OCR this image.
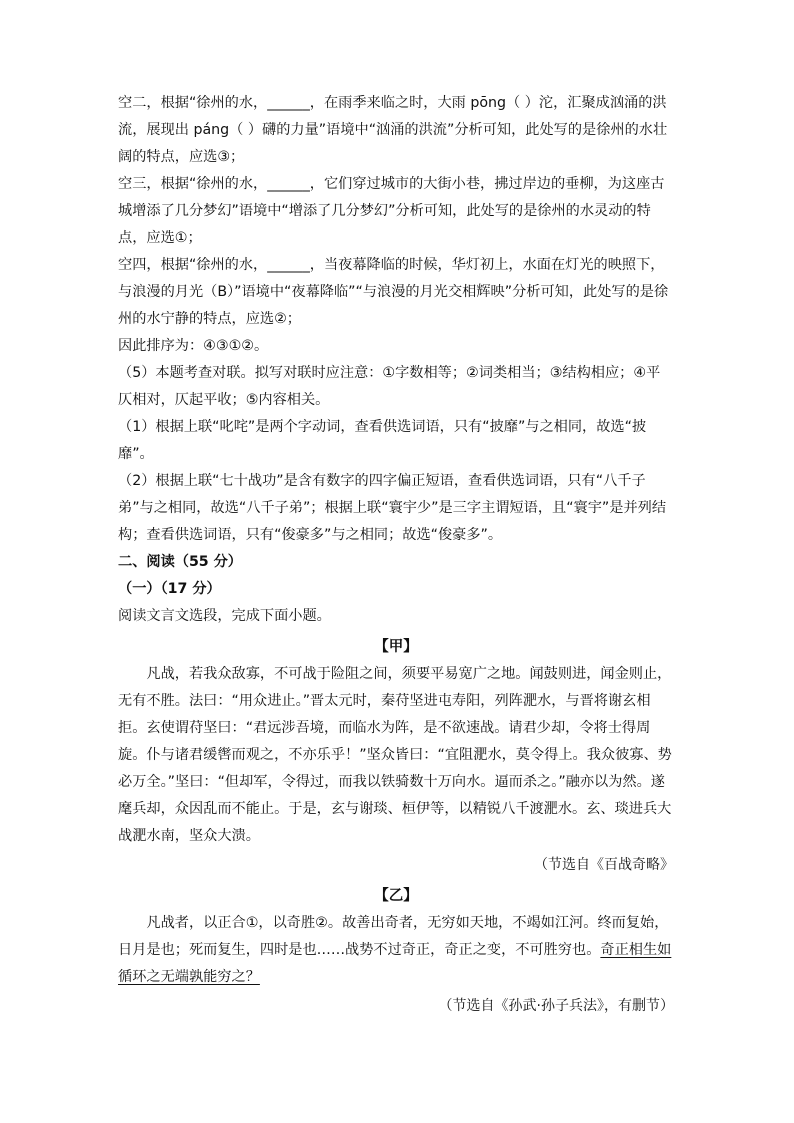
空二，根据“徐州的水，______，在雨季来临之时，大雨 pōng（ ）沱，汇聚成汹涌的洪流，展现出 páng（ ）礴的力量”语境中“汹涌的洪流”分析可知，此处写的是徐州的水壮阔的特点，应选③；

空三，根据“徐州的水，______，它们穿过城市的大街小巷，拂过岸边的垂柳，为这座古城增添了几分梦幻”语境中“增添了几分梦幻”分析可知，此处写的是徐州的水灵动的特点，应选①；

空四，根据“徐州的水，______，当夜幕降临的时候，华灯初上，水面在灯光的映照下，与浪漫的月光（B）”语境中“夜幕降临”“与浪漫的月光交相辉映”分析可知，此处写的是徐州的水宁静的特点，应选②；

因此排序为：④③①②。

（5）本题考查对联。拟写对联时应注意：①字数相等；②词类相当；③结构相应；④平仄相对，仄起平收；⑤内容相关。

（1）根据上联“叱咤”是两个字动词，查看供选词语，只有“披靡”与之相同，故选“披靡”。

（2）根据上联“七十战功”是含有数字的四字偏正短语，查看供选词语，只有“八千子弟”与之相同，故选“八千子弟”；根据上联“寰宇少”是三字主谓短语，且“寰宇”是并列结构；查看供选词语，只有“俊豪多”与之相同；故选“俊豪多”。

二、阅读（55 分）

（一）（17 分）

阅读文言文选段，完成下面小题。

【甲】

凡战，若我众敌寡，不可战于险阻之间，须要平易宽广之地。闻鼓则进，闻金则止，无有不胜。法曰：“用众进止。”晋太元时，秦苻坚进屯寿阳，列阵淝水，与晋将谢玄相拒。玄使谓苻坚曰：“君远涉吾境，而临水为阵，是不欲速战。请君少却，令将士得周旋。仆与诸君缓辔而观之，不亦乐乎！”坚众皆曰：“宜阻淝水，莫令得上。我众彼寡、势必万全。”坚曰：“但却军，令得过，而我以铁骑数十万向水。逼而杀之。”融亦以为然。遂麾兵却，众因乱而不能止。于是，玄与谢琰、桓伊等，以精锐八千渡淝水。玄、琰进兵大战淝水南，坚众大溃。

（节选自《百战奇略》

【乙】

凡战者，以正合①，以奇胜②。故善出奇者，无穷如天地，不竭如江河。终而复始，日月是也；死而复生，四时是也……战势不过奇正，奇正之变，不可胜穷也。奇正相生如循环之无端孰能穷之？

（节选自《孙武·孙子兵法》，有删节）
